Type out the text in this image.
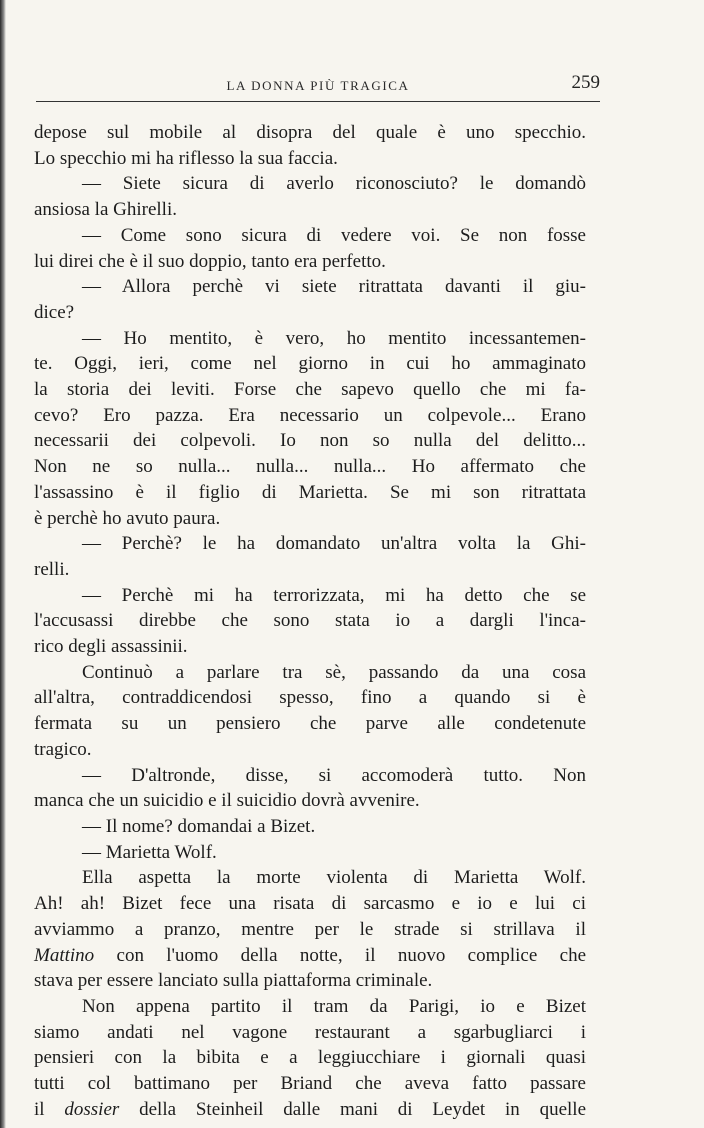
LA DONNA PIÙ TRAGICA	259
depose sul mobile al disopra del quale è uno specchio.
Lo specchio mi ha riflesso la sua faccia.
— Siete sicura di averlo riconosciuto? le domandò
ansiosa la Ghirelli.
— Come sono sicura di vedere voi. Se non fosse
lui direi che è il suo doppio, tanto era perfetto.
— Allora perchè vi siete ritrattata davanti il giu-
dice?
— Ho mentito, è vero, ho mentito incessantemen-
te. Oggi, ieri, come nel giorno in cui ho ammaginato
la storia dei leviti. Forse che sapevo quello che mi fa-
cevo? Ero pazza. Era necessario un colpevole... Erano
necessarii dei colpevoli. Io non so nulla del delitto...
Non ne so nulla... nulla... nulla... Ho affermato che
l'assassino è il figlio di Marietta. Se mi son ritrattata
è perchè ho avuto paura.
— Perchè? le ha domandato un'altra volta la Ghi-
relli.
— Perchè mi ha terrorizzata, mi ha detto che se
l'accusassi direbbe che sono stata io a dargli l'inca-
rico degli assassinii.
Continuò a parlare tra sè, passando da una cosa
all'altra, contraddicendosi spesso, fino a quando si è
fermata su un pensiero che parve alle condetenute
tragico.
— D'altronde, disse, si accomoderà tutto. Non
manca che un suicidio e il suicidio dovrà avvenire.
— Il nome? domandai a Bizet.
— Marietta Wolf.
Ella aspetta la morte violenta di Marietta Wolf.
Ah! ah! Bizet fece una risata di sarcasmo e io e lui ci
avviammo a pranzo, mentre per le strade si strillava il
Mattino con l'uomo della notte, il nuovo complice che
stava per essere lanciato sulla piattaforma criminale.
Non appena partito il tram da Parigi, io e Bizet
siamo andati nel vagone restaurant a sgarbugliarci i
pensieri con la bibita e a leggiucchiare i giornali quasi
tutti col battimano per Briand che aveva fatto passare
il dossier della Steinheil dalle mani di Leydet in quelle
